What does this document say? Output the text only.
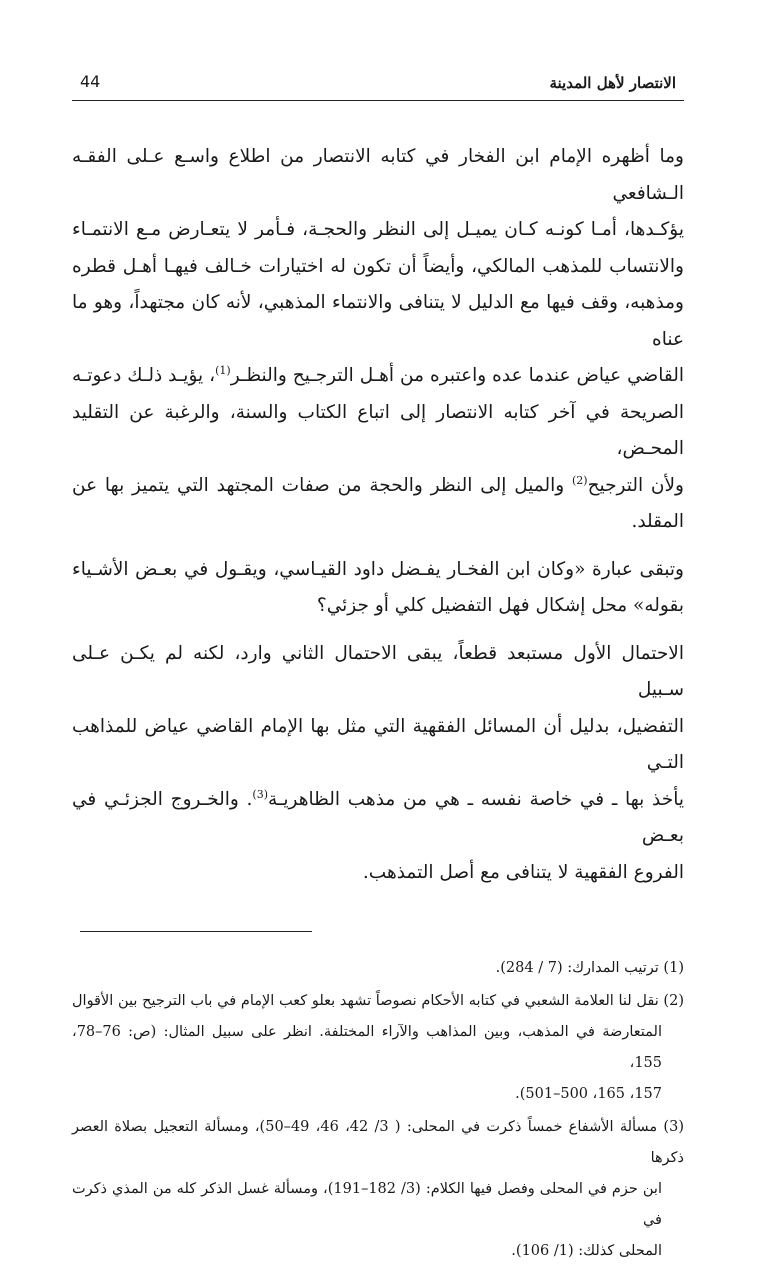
الانتصار لأهل المدينة
44

وما أظهره الإمام ابن الفخار في كتابه الانتصار من اطلاع واسـع عـلى الفقـه الـشافعي
يؤكـدها، أمـا كونـه كـان يميـل إلى النظر والحجـة، فـأمر لا يتعـارض مـع الانتمـاء
والانتساب للمذهب المالكي، وأيضاً أن تكون له اختيارات خـالف فيهـا أهـل قطره
ومذهبه، وقف فيها مع الدليل لا يتنافى والانتماء المذهبي، لأنه كان مجتهداً، وهو ما عناه
القاضي عياض عندما عده واعتبره من أهـل الترجـيح والنظـر$^{(1)}$، يؤيـد ذلـك دعوتـه
الصريحة في آخر كتابه الانتصار إلى اتباع الكتاب والسنة، والرغبة عن التقليد المحـض،
ولأن الترجيح$^{(2)}$ والميل إلى النظر والحجة من صفات المجتهد التي يتميز بها عن المقلد.

وتبقى عبارة «وكان ابن الفخـار يفـضل داود القيـاسي، ويقـول في بعـض الأشـياء
بقوله» محل إشكال فهل التفضيل كلي أو جزئي؟

الاحتمال الأول مستبعد قطعاً، يبقى الاحتمال الثاني وارد، لكنه لم يكـن عـلى سـبيل
التفضيل، بدليل أن المسائل الفقهية التي مثل بها الإمام القاضي عياض للمذاهب التـي
يأخذ بها ـ في خاصة نفسه ـ هي من مذهب الظاهريـة$^{(3)}$. والخـروج الجزئـي في بعـض
الفروع الفقهية لا يتنافى مع أصل التمذهب.

(1) ترتيب المدارك: (7 / 284).
(2) نقل لنا العلامة الشعبي في كتابه الأحكام نصوصاً تشهد بعلو كعب الإمام في باب الترجيح بين الأقوال
المتعارضة في المذهب، وبين المذاهب والآراء المختلفة. انظر على سبيل المثال: (ص: 76–78، 155،
157، 165، 500–501).
(3) مسألة الأشفاع خمساً ذكرت في المحلى: ( 3/ 42، 46، 49–50)، ومسألة التعجيل بصلاة العصر ذكرها
ابن حزم في المحلى وفصل فيها الكلام: (3/ 182–191)، ومسألة غسل الذكر كله من المذي ذكرت في
المحلى كذلك: (1/ 106).
